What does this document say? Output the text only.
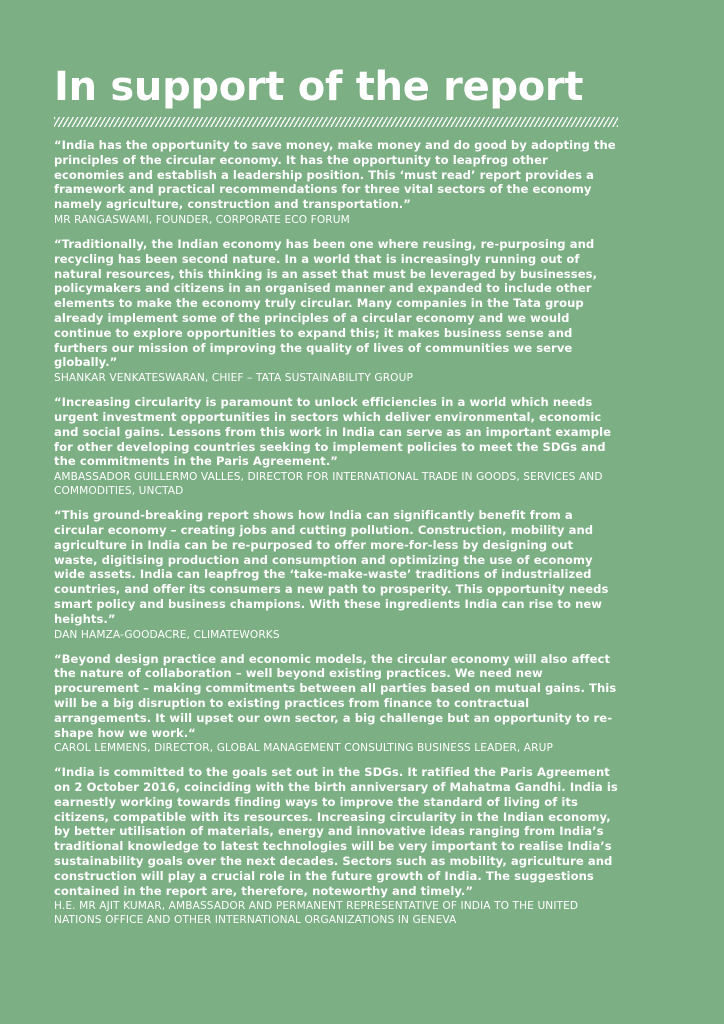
In support of the report

“India has the opportunity to save money, make money and do good by adopting the principles of the circular economy. It has the opportunity to leapfrog other economies and establish a leadership position. This ‘must read’ report provides a framework and practical recommendations for three vital sectors of the economy namely agriculture, construction and transportation.”

MR RANGASWAMI, FOUNDER, CORPORATE ECO FORUM

“Traditionally, the Indian economy has been one where reusing, re-purposing and recycling has been second nature. In a world that is increasingly running out of natural resources, this thinking is an asset that must be leveraged by businesses, policymakers and citizens in an organised manner and expanded to include other elements to make the economy truly circular. Many companies in the Tata group already implement some of the principles of a circular economy and we would continue to explore opportunities to expand this; it makes business sense and furthers our mission of improving the quality of lives of communities we serve globally.”

SHANKAR VENKATESWARAN, CHIEF – TATA SUSTAINABILITY GROUP

“Increasing circularity is paramount to unlock efficiencies in a world which needs urgent investment opportunities in sectors which deliver environmental, economic and social gains. Lessons from this work in India can serve as an important example for other developing countries seeking to implement policies to meet the SDGs and the commitments in the Paris Agreement.”

AMBASSADOR GUILLERMO VALLES, DIRECTOR FOR INTERNATIONAL TRADE IN GOODS, SERVICES AND COMMODITIES, UNCTAD

“This ground-breaking report shows how India can significantly benefit from a circular economy – creating jobs and cutting pollution. Construction, mobility and agriculture in India can be re-purposed to offer more-for-less by designing out waste, digitising production and consumption and optimizing the use of economy wide assets. India can leapfrog the ‘take-make-waste’ traditions of industrialized countries, and offer its consumers a new path to prosperity. This opportunity needs smart policy and business champions. With these ingredients India can rise to new heights.”

DAN HAMZA-GOODACRE, CLIMATEWORKS

“Beyond design practice and economic models, the circular economy will also affect the nature of collaboration – well beyond existing practices. We need new procurement – making commitments between all parties based on mutual gains. This will be a big disruption to existing practices from finance to contractual arrangements. It will upset our own sector, a big challenge but an opportunity to re-shape how we work.“

CAROL LEMMENS, DIRECTOR, GLOBAL MANAGEMENT CONSULTING BUSINESS LEADER, ARUP

“India is committed to the goals set out in the SDGs. It ratified the Paris Agreement on 2 October 2016, coinciding with the birth anniversary of Mahatma Gandhi. India is earnestly working towards finding ways to improve the standard of living of its citizens, compatible with its resources. Increasing circularity in the Indian economy, by better utilisation of materials, energy and innovative ideas ranging from India’s traditional knowledge to latest technologies will be very important to realise India’s sustainability goals over the next decades. Sectors such as mobility, agriculture and construction will play a crucial role in the future growth of India. The suggestions contained in the report are, therefore, noteworthy and timely.”

H.E. MR AJIT KUMAR, AMBASSADOR AND PERMANENT REPRESENTATIVE OF INDIA TO THE UNITED NATIONS OFFICE AND OTHER INTERNATIONAL ORGANIZATIONS IN GENEVA
